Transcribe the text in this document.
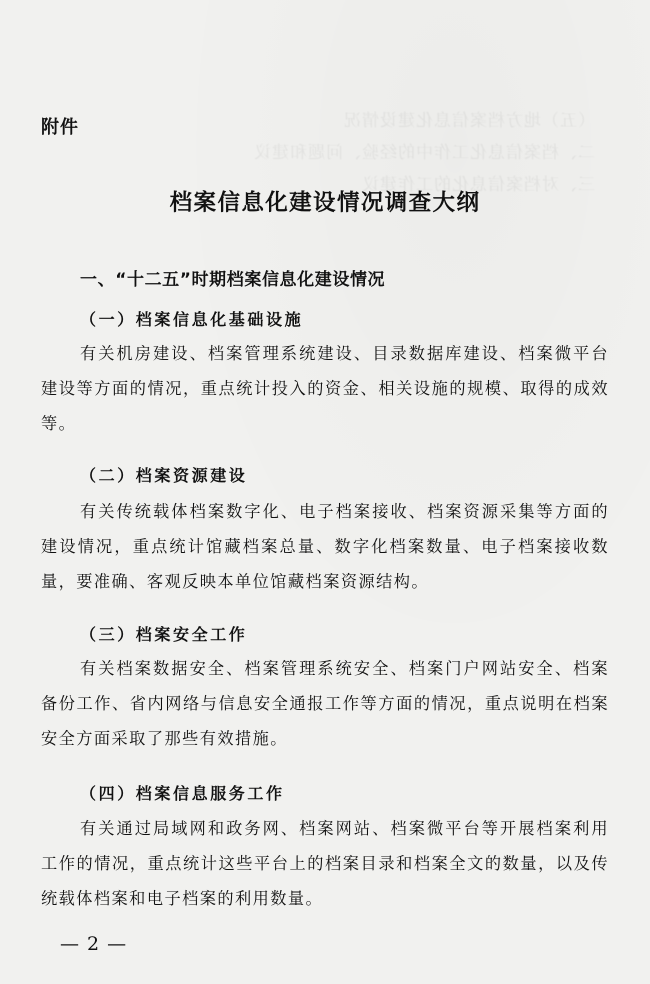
（五）地方档案信息化建设情况
二、档案信息化工作中的经验、问题和建议
三、对档案信息化的工作建议
附件
档案信息化建设情况调查大纲
一、“十二五”时期档案信息化建设情况
（一）档案信息化基础设施
有关机房建设、档案管理系统建设、目录数据库建设、档案微平台建设等方面的情况，重点统计投入的资金、相关设施的规模、取得的成效等。
（二）档案资源建设
有关传统载体档案数字化、电子档案接收、档案资源采集等方面的建设情况，重点统计馆藏档案总量、数字化档案数量、电子档案接收数量，要准确、客观反映本单位馆藏档案资源结构。
（三）档案安全工作
有关档案数据安全、档案管理系统安全、档案门户网站安全、档案备份工作、省内网络与信息安全通报工作等方面的情况，重点说明在档案安全方面采取了那些有效措施。
（四）档案信息服务工作
有关通过局域网和政务网、档案网站、档案微平台等开展档案利用工作的情况，重点统计这些平台上的档案目录和档案全文的数量，以及传统载体档案和电子档案的利用数量。
— 2 —
